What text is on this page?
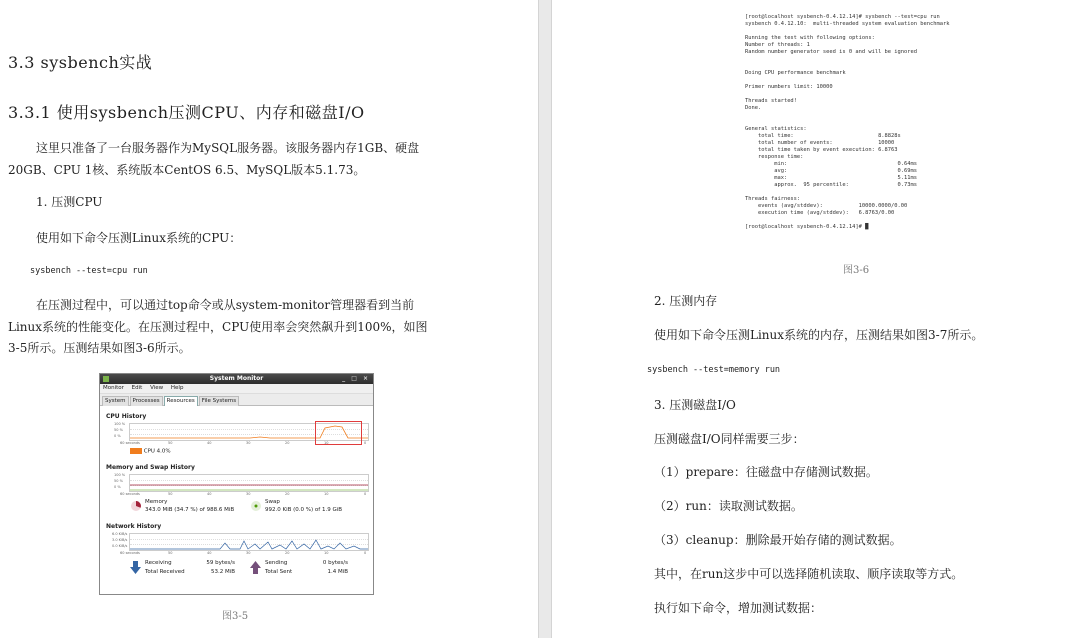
3.3 sysbench实战
3.3.1 使用sysbench压测CPU、内存和磁盘I/O
这里只准备了一台服务器作为MySQL服务器。该服务器内存1GB、硬盘
20GB、CPU 1核、系统版本CentOS 6.5、MySQL版本5.1.73。
1. 压测CPU
使用如下命令压测Linux系统的CPU：
sysbench --test=cpu run
在压测过程中，可以通过top命令或从system-monitor管理器看到当前
Linux系统的性能变化。在压测过程中，CPU使用率会突然飙升到100%，如图
3-5所示。压测结果如图3-6所示。
System Monitor	_ □ ×
Monitor Edit View Help
System Processes Resources File Systems
CPU History
100 %
50 %
0 %
60 seconds	50	40	30	20	10	0
CPU 4.0%
Memory and Swap History
100 %
50 %
0 %
60 seconds	50	40	30	20	10	0
Memory
343.0 MiB (34.7 %) of 988.6 MiB
Swap
992.0 KiB (0.0 %) of 1.9 GiB
Network History
6.0 KiB/s
3.0 KiB/s
0.0 KiB/s
60 seconds	50	40	30	20	10	0
Receiving	59 bytes/s
Total Received	53.2 MiB
Sending	0 bytes/s
Total Sent	1.4 MiB
图3-5
[root@localhost sysbench-0.4.12.14]# sysbench --test=cpu run
sysbench 0.4.12.10:  multi-threaded system evaluation benchmark

Running the test with following options:
Number of threads: 1
Random number generator seed is 0 and will be ignored

Doing CPU performance benchmark

Primer numbers limit: 10000

Threads started!
Done.

General statistics:
total time:                          8.8828s
total number of events:              10000
total time taken by event execution: 6.8763
response time:
min:                                  0.64ms
avg:                                  0.69ms
max:                                  5.11ms
approx.  95 percentile:               0.73ms

Threads fairness:
events (avg/stddev):           10000.0000/0.00
execution time (avg/stddev):   6.8763/0.00

[root@localhost sysbench-0.4.12.14]# █
图3-6
2. 压测内存
使用如下命令压测Linux系统的内存，压测结果如图3-7所示。
sysbench --test=memory run
3. 压测磁盘I/O
压测磁盘I/O同样需要三步：
（1）prepare：往磁盘中存储测试数据。
（2）run：读取测试数据。
（3）cleanup：删除最开始存储的测试数据。
其中，在run这步中可以选择随机读取、顺序读取等方式。
执行如下命令，增加测试数据：
